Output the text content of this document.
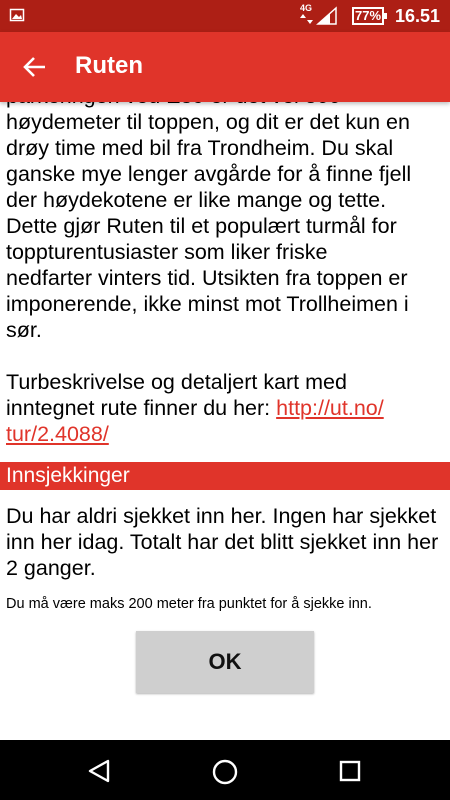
4G	77% 16.51
Ruten

høydemeter til toppen, og dit er det kun en
drøy time med bil fra Trondheim. Du skal
ganske mye lenger avgårde for å finne fjell
der høydekotene er like mange og tette.
Dette gjør Ruten til et populært turmål for
toppturentusiaster som liker friske
nedfarter vinters tid. Utsikten fra toppen er
imponerende, ikke minst mot Trollheimen i
sør.

Turbeskrivelse og detaljert kart med
inntegnet rute finner du her: http://ut.no/
tur/2.4088/
Innsjekkinger
Du har aldri sjekket inn her. Ingen har sjekket inn her idag. Totalt har det blitt sjekket inn her 2 ganger.
Du må være maks 200 meter fra punktet for å sjekke inn.
OK
